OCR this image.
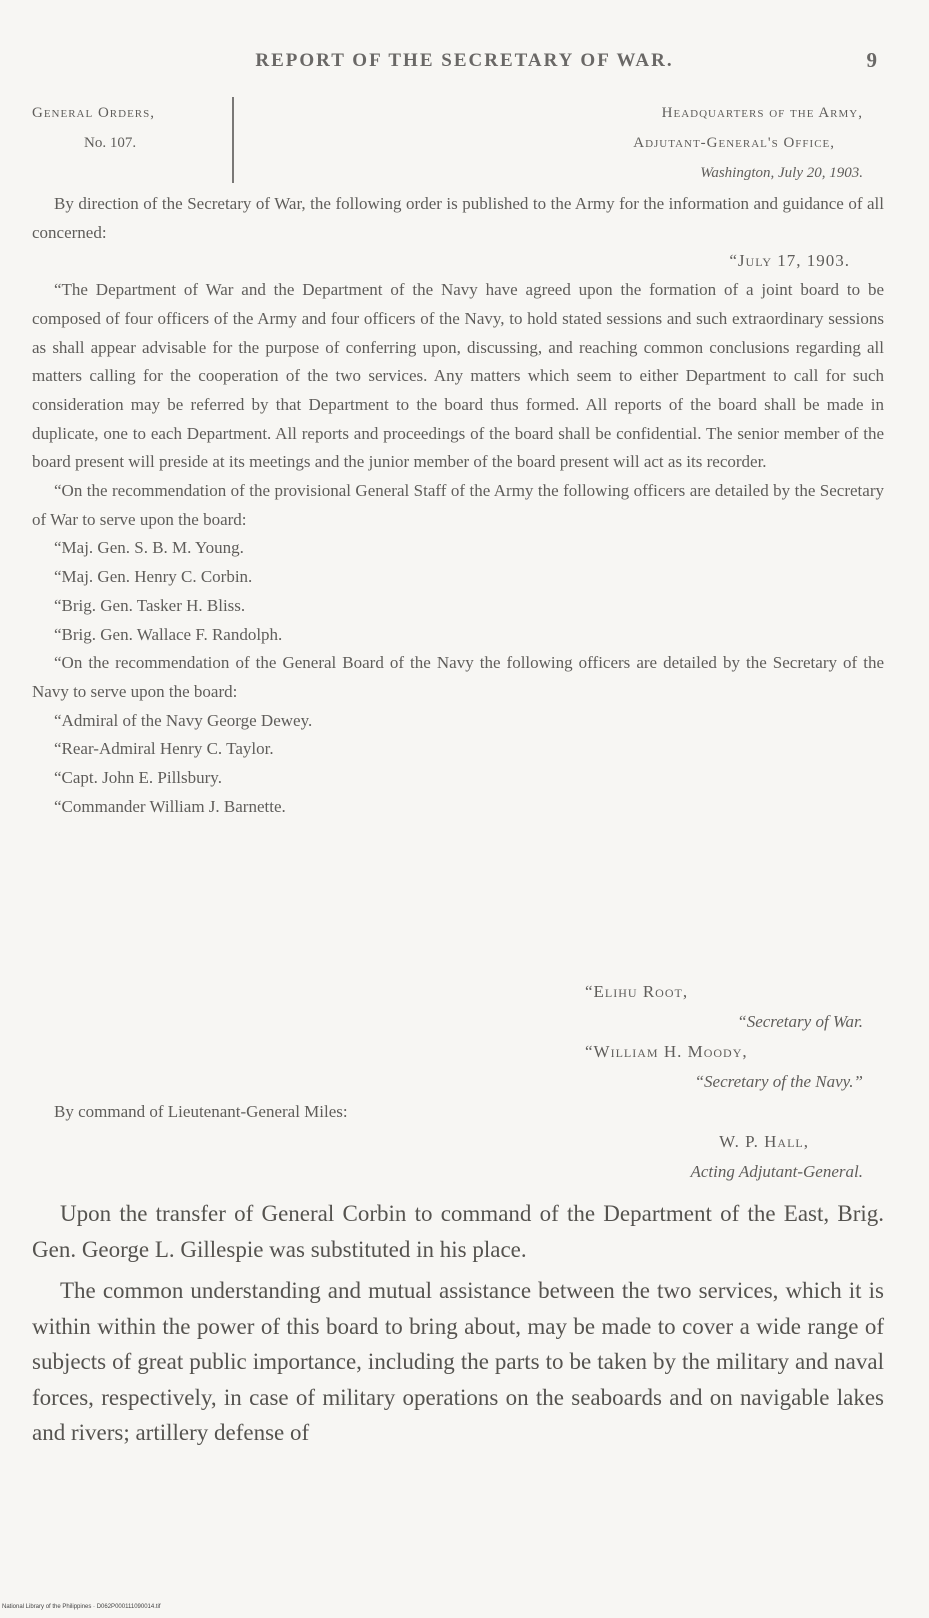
REPORT OF THE SECRETARY OF WAR.	9
General Orders,
No. 107.
Headquarters of the Army,
Adjutant-General's Office,
Washington, July 20, 1903.

By direction of the Secretary of War, the following order is published to the Army for the information and guidance of all concerned:

“July 17, 1903.

“The Department of War and the Department of the Navy have agreed upon the formation of a joint board to be composed of four officers of the Army and four officers of the Navy, to hold stated sessions and such extraordinary sessions as shall appear advisable for the purpose of conferring upon, discussing, and reaching common conclusions regarding all matters calling for the cooperation of the two services. Any matters which seem to either Department to call for such consideration may be referred by that Department to the board thus formed. All reports of the board shall be made in duplicate, one to each Department. All reports and proceedings of the board shall be confidential. The senior member of the board present will preside at its meetings and the junior member of the board present will act as its recorder.

“On the recommendation of the provisional General Staff of the Army the following officers are detailed by the Secretary of War to serve upon the board:

“Maj. Gen. S. B. M. Young.
“Maj. Gen. Henry C. Corbin.
“Brig. Gen. Tasker H. Bliss.
“Brig. Gen. Wallace F. Randolph.

“On the recommendation of the General Board of the Navy the following officers are detailed by the Secretary of the Navy to serve upon the board:

“Admiral of the Navy George Dewey.
“Rear-Admiral Henry C. Taylor.
“Capt. John E. Pillsbury.
“Commander William J. Barnette.
“Elihu Root,
“Secretary of War.
“William H. Moody,
“Secretary of the Navy.”
By command of Lieutenant-General Miles:
W. P. Hall,
Acting Adjutant-General.

Upon the transfer of General Corbin to command of the Department of the East, Brig. Gen. George L. Gillespie was substituted in his place.

The common understanding and mutual assistance between the two services, which it is within within the power of this board to bring about, may be made to cover a wide range of subjects of great public importance, including the parts to be taken by the military and naval forces, respectively, in case of military operations on the seaboards and on navigable lakes and rivers; artillery defense of

National Library of the Philippines · D062P000111090014.tif
